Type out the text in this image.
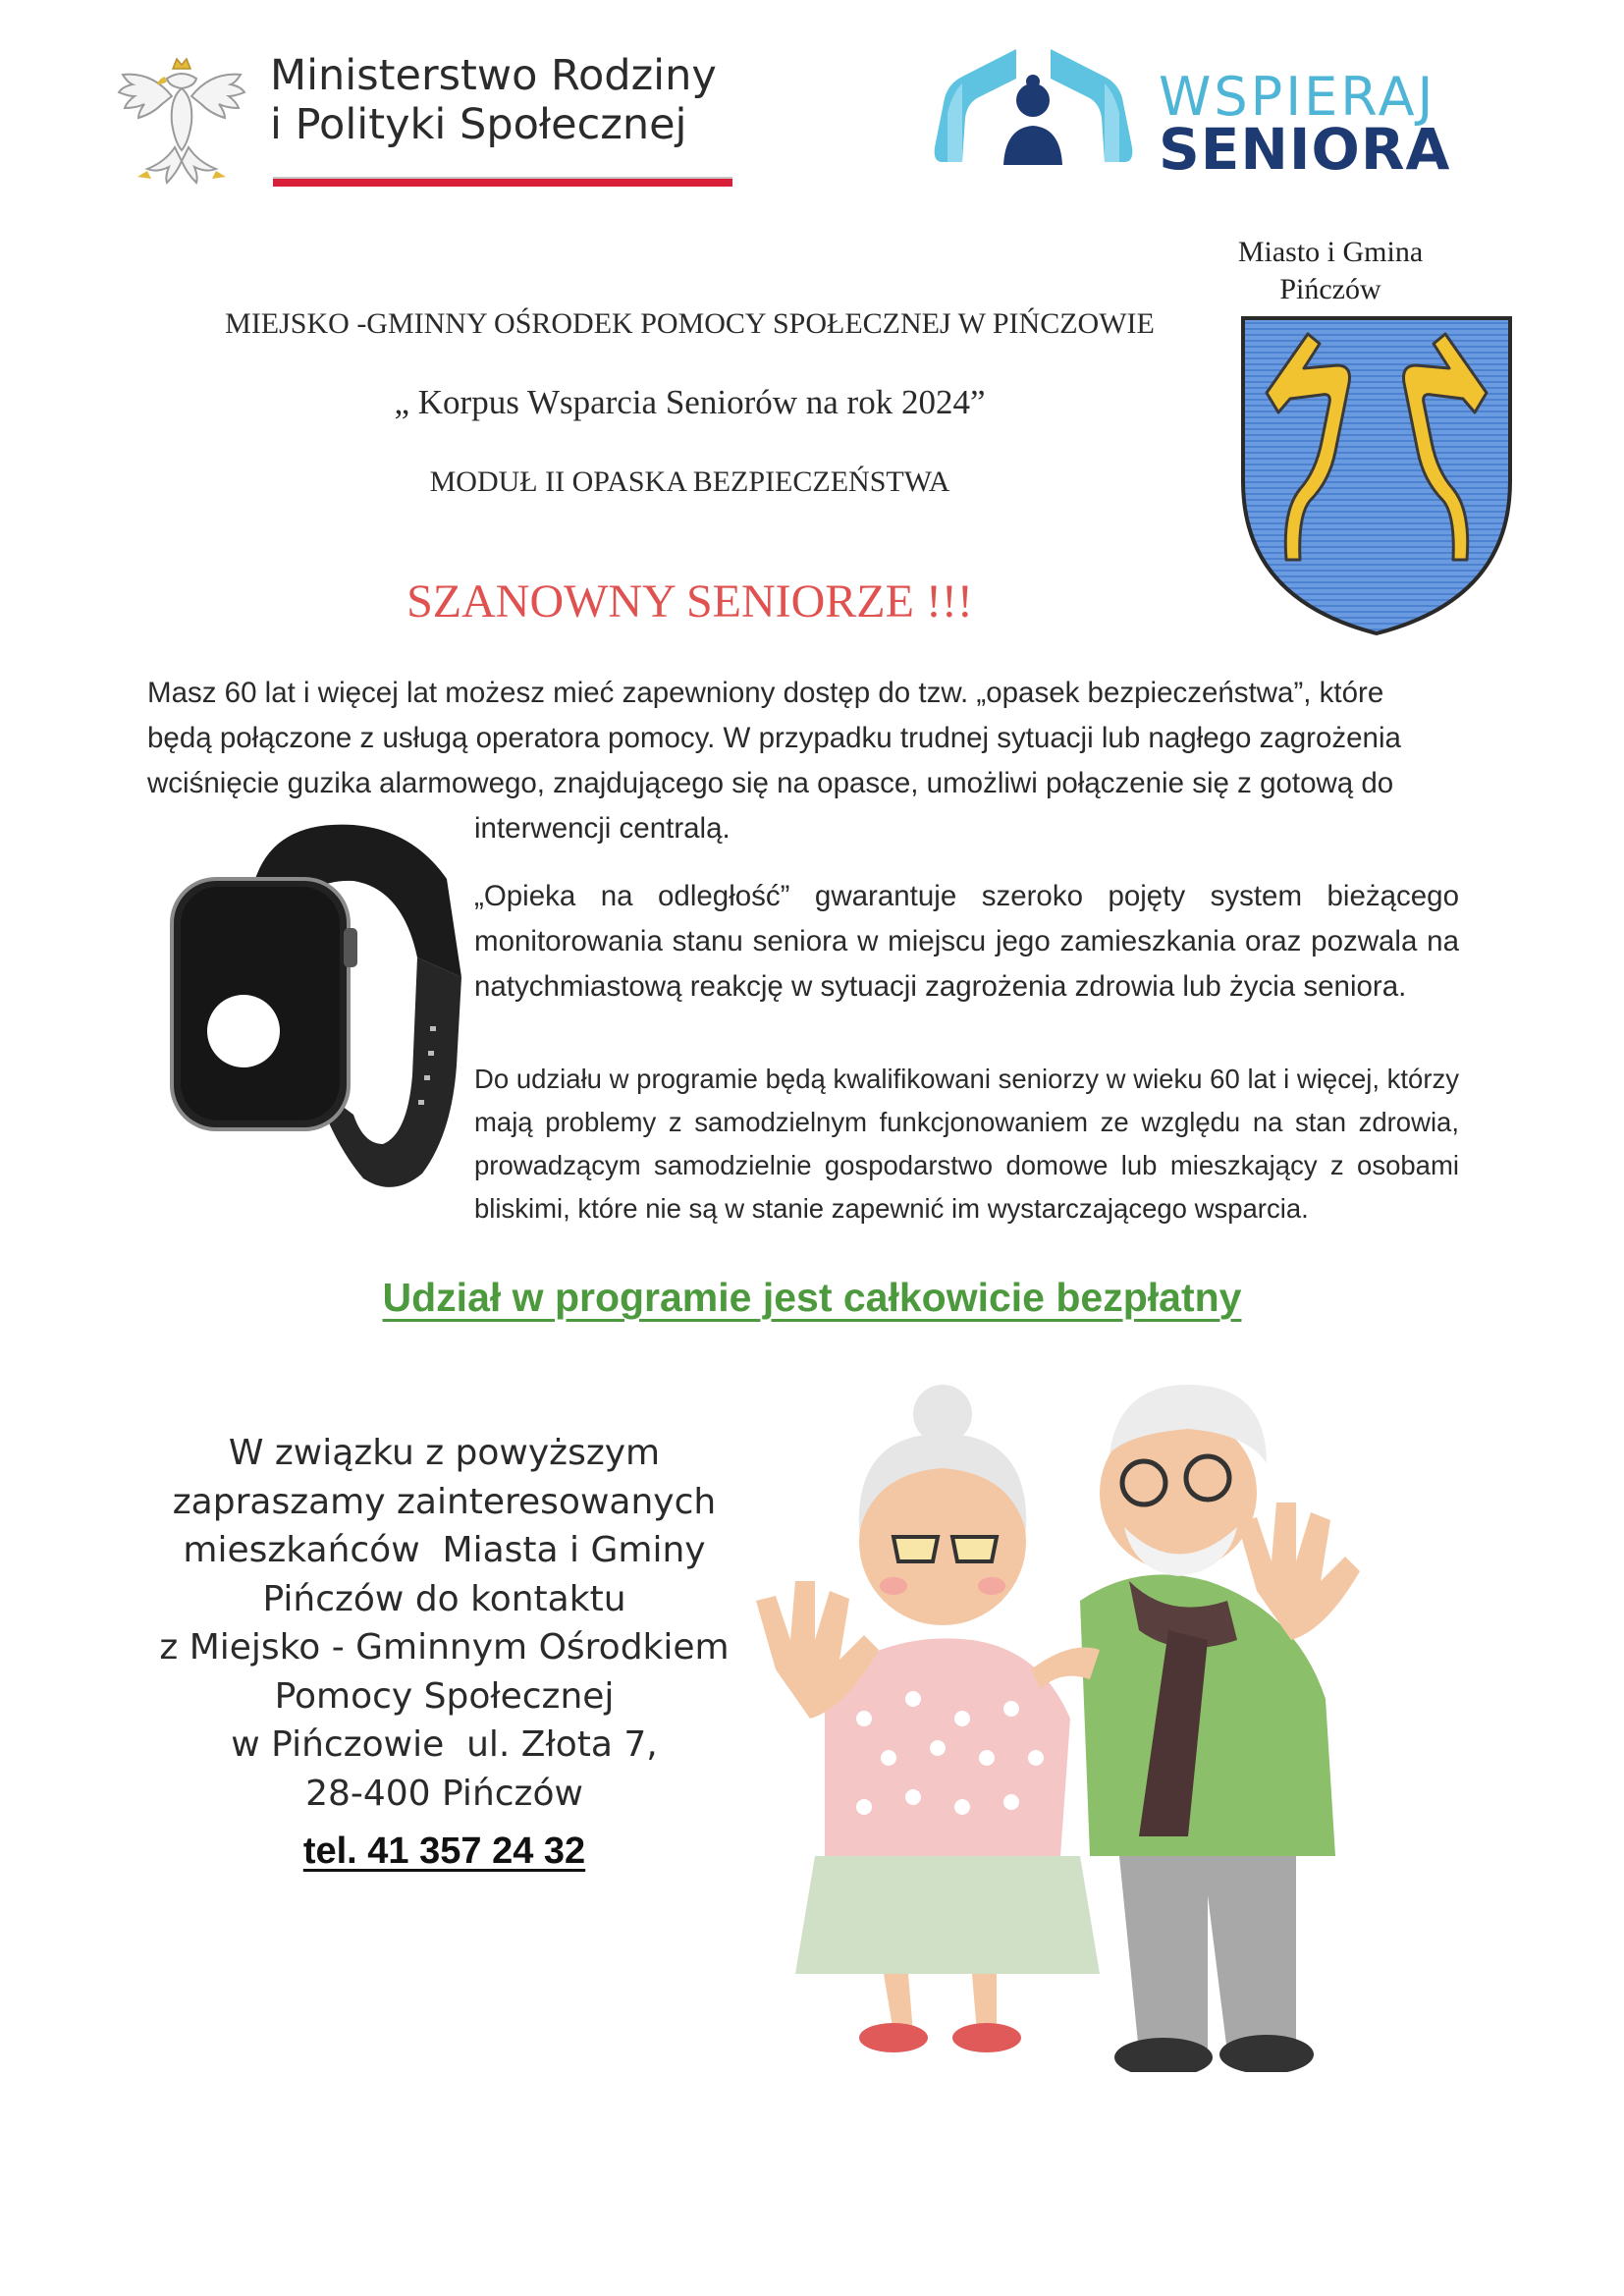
Ministerstwo Rodziny
i Polityki Społecznej	WSPIERAJ
SENIORA
Miasto i Gmina
Pińczów
MIEJSKO -GMINNY OŚRODEK POMOCY SPOŁECZNEJ W PIŃCZOWIE
„ Korpus Wsparcia Seniorów na rok 2024”
MODUŁ II OPASKA BEZPIECZEŃSTWA
SZANOWNY SENIORZE !!!
Masz 60 lat i więcej lat możesz mieć zapewniony dostęp do tzw. „opasek bezpieczeństwa”, które
będą połączone z usługą operatora pomocy. W przypadku trudnej sytuacji lub nagłego zagrożenia
wciśnięcie guzika alarmowego, znajdującego się na opasce, umożliwi połączenie się z gotową do
interwencji centralą.
„Opieka na odległość” gwarantuje szeroko pojęty system bieżącego monitorowania stanu seniora w miejscu jego zamieszkania oraz pozwala na natychmiastową reakcję w sytuacji zagrożenia zdrowia lub życia seniora.
Do udziału w programie będą kwalifikowani seniorzy w wieku 60 lat i więcej, którzy mają problemy z samodzielnym funkcjonowaniem ze względu na stan zdrowia, prowadzącym samodzielnie gospodarstwo domowe lub mieszkający z osobami bliskimi, które nie są w stanie zapewnić im wystarczającego wsparcia.
Udział w programie jest całkowicie bezpłatny
W związku z powyższym
zapraszamy zainteresowanych
mieszkańców  Miasta i Gminy
Pińczów do kontaktu
z Miejsko - Gminnym Ośrodkiem
Pomocy Społecznej
w Pińczowie  ul. Złota 7,
28-400 Pińczów
tel. 41 357 24 32
